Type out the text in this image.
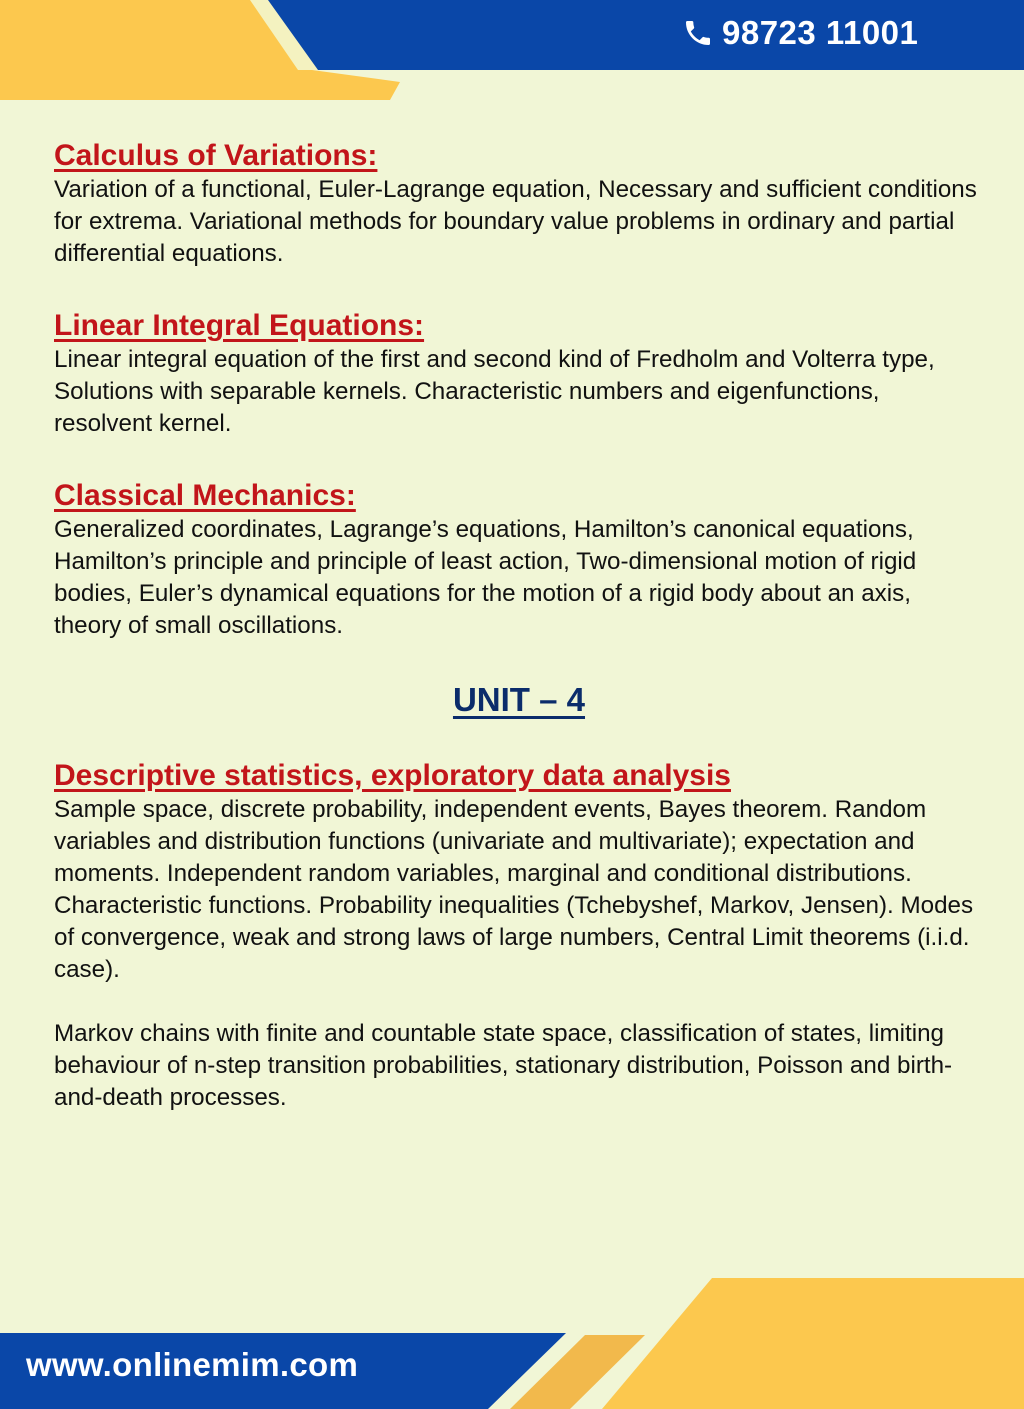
98723 11001

Calculus of Variations:

Variation of a functional, Euler-Lagrange equation, Necessary and sufficient conditions for extrema. Variational methods for boundary value problems in ordinary and partial differential equations.

Linear Integral Equations:

Linear integral equation of the first and second kind of Fredholm and Volterra type, Solutions with separable kernels. Characteristic numbers and eigenfunctions, resolvent kernel.

Classical Mechanics:

Generalized coordinates, Lagrange’s equations, Hamilton’s canonical equations, Hamilton’s principle and principle of least action, Two-dimensional motion of rigid bodies, Euler’s dynamical equations for the motion of a rigid body about an axis, theory of small oscillations.

UNIT – 4

Descriptive statistics, exploratory data analysis

Sample space, discrete probability, independent events, Bayes theorem. Random variables and distribution functions (univariate and multivariate); expectation and moments. Independent random variables, marginal and conditional distributions. Characteristic functions. Probability inequalities (Tchebyshef, Markov, Jensen). Modes of convergence, weak and strong laws of large numbers, Central Limit theorems (i.i.d. case).

Markov chains with finite and countable state space, classification of states, limiting behaviour of n-step transition probabilities, stationary distribution, Poisson and birth-and-death processes.

www.onlinemim.com
